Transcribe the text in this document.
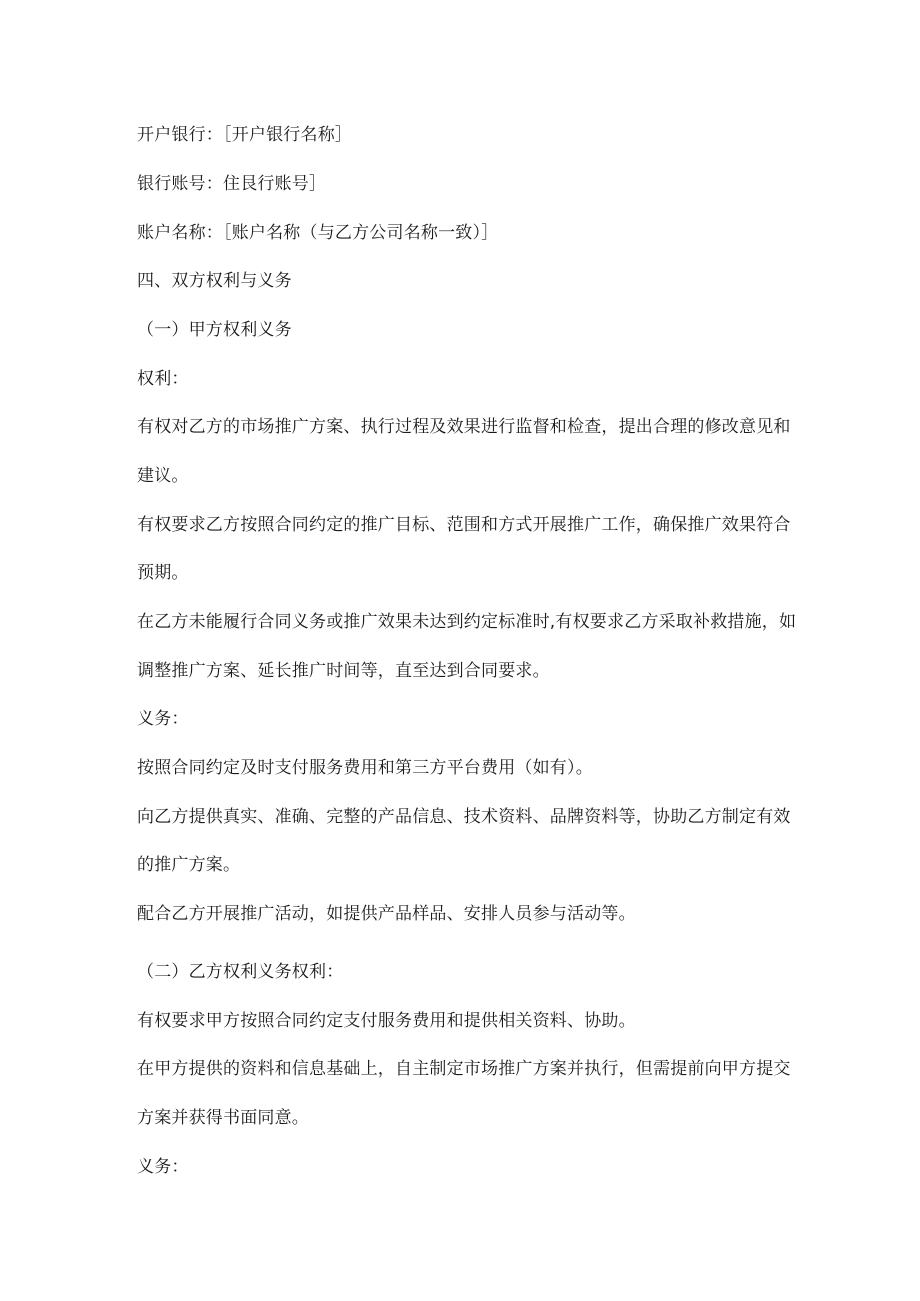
开户银行：［开户银行名称］
银行账号：住艮行账号］
账户名称：［账户名称（与乙方公司名称一致）］
四、双方权利与义务
（一）甲方权利义务
权利：
有权对乙方的市场推广方案、执行过程及效果进行监督和检查，提出合理的修改意见和
建议。
有权要求乙方按照合同约定的推广目标、范围和方式开展推广工作，确保推广效果符合
预期。
在乙方未能履行合同义务或推广效果未达到约定标准时,有权要求乙方采取补救措施，如
调整推广方案、延长推广时间等，直至达到合同要求。
义务：
按照合同约定及时支付服务费用和第三方平台费用（如有）。
向乙方提供真实、准确、完整的产品信息、技术资料、品牌资料等，协助乙方制定有效
的推广方案。
配合乙方开展推广活动，如提供产品样品、安排人员参与活动等。
（二）乙方权利义务权利：
有权要求甲方按照合同约定支付服务费用和提供相关资料、协助。
在甲方提供的资料和信息基础上，自主制定市场推广方案并执行，但需提前向甲方提交
方案并获得书面同意。
义务：
